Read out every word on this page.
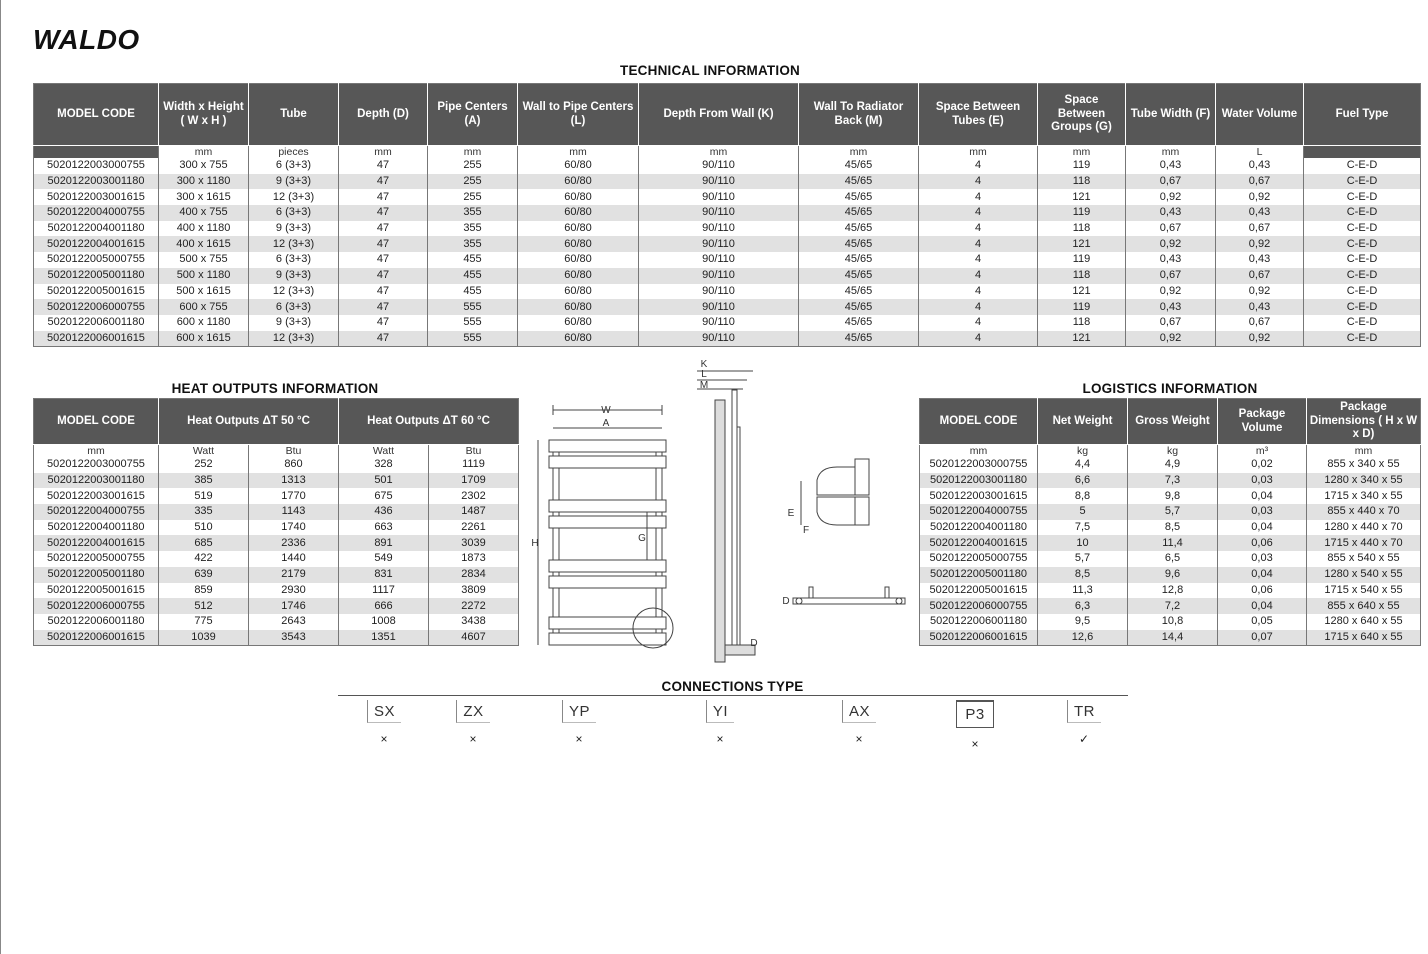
WALDO
TECHNICAL INFORMATION
MODEL CODE	Width x Height ( W x H )	Tube	Depth (D)	Pipe Centers (A)	Wall to Pipe Centers (L)	Depth From Wall (K)	Wall To Radiator Back (M)	Space Between Tubes (E)	Space Between Groups (G)	Tube Width (F)	Water Volume	Fuel Type
	mm	pieces	mm	mm	mm	mm	mm	mm	mm	mm	L	
5020122003000755	300 x 755	6 (3+3)	47	255	60/80	90/110	45/65	4	119	0,43	0,43	C-E-D
5020122003001180	300 x 1180	9 (3+3)	47	255	60/80	90/110	45/65	4	118	0,67	0,67	C-E-D
5020122003001615	300 x 1615	12 (3+3)	47	255	60/80	90/110	45/65	4	121	0,92	0,92	C-E-D
5020122004000755	400 x 755	6 (3+3)	47	355	60/80	90/110	45/65	4	119	0,43	0,43	C-E-D
5020122004001180	400 x 1180	9 (3+3)	47	355	60/80	90/110	45/65	4	118	0,67	0,67	C-E-D
5020122004001615	400 x 1615	12 (3+3)	47	355	60/80	90/110	45/65	4	121	0,92	0,92	C-E-D
5020122005000755	500 x 755	6 (3+3)	47	455	60/80	90/110	45/65	4	119	0,43	0,43	C-E-D
5020122005001180	500 x 1180	9 (3+3)	47	455	60/80	90/110	45/65	4	118	0,67	0,67	C-E-D
5020122005001615	500 x 1615	12 (3+3)	47	455	60/80	90/110	45/65	4	121	0,92	0,92	C-E-D
5020122006000755	600 x 755	6 (3+3)	47	555	60/80	90/110	45/65	4	119	0,43	0,43	C-E-D
5020122006001180	600 x 1180	9 (3+3)	47	555	60/80	90/110	45/65	4	118	0,67	0,67	C-E-D
5020122006001615	600 x 1615	12 (3+3)	47	555	60/80	90/110	45/65	4	121	0,92	0,92	C-E-D
HEAT OUTPUTS INFORMATION
MODEL CODE	Heat Outputs ΔT 50 °C		Heat Outputs ΔT 60 °C	
mm	Watt	Btu	Watt	Btu
5020122003000755	252	860	328	1119
5020122003001180	385	1313	501	1709
5020122003001615	519	1770	675	2302
5020122004000755	335	1143	436	1487
5020122004001180	510	1740	663	2261
5020122004001615	685	2336	891	3039
5020122005000755	422	1440	549	1873
5020122005001180	639	2179	831	2834
5020122005001615	859	2930	1117	3809
5020122006000755	512	1746	666	2272
5020122006001180	775	2643	1008	3438
5020122006001615	1039	3543	1351	4607
LOGISTICS INFORMATION
MODEL CODE	Net Weight	Gross Weight	Package Volume	Package Dimensions ( H x W x D)
mm	kg	kg	m³	mm
5020122003000755	4,4	4,9	0,02	855 x 340 x 55
5020122003001180	6,6	7,3	0,03	1280 x 340 x 55
5020122003001615	8,8	9,8	0,04	1715 x 340 x 55
5020122004000755	5	5,7	0,03	855 x 440 x 70
5020122004001180	7,5	8,5	0,04	1280 x 440 x 70
5020122004001615	10	11,4	0,06	1715 x 440 x 70
5020122005000755	5,7	6,5	0,03	855 x 540 x 55
5020122005001180	8,5	9,6	0,04	1280 x 540 x 55
5020122005001615	11,3	12,8	0,06	1715 x 540 x 55
5020122006000755	6,3	7,2	0,04	855 x 640 x 55
5020122006001180	9,5	10,8	0,05	1280 x 640 x 55
5020122006001615	12,6	14,4	0,07	1715 x 640 x 55
W
A
H	G
K
L
M
D
E
F
D
CONNECTIONS TYPE
SX
×
ZX
×
YP
×
YI
×
AX
×
P3
×
TR
✓
